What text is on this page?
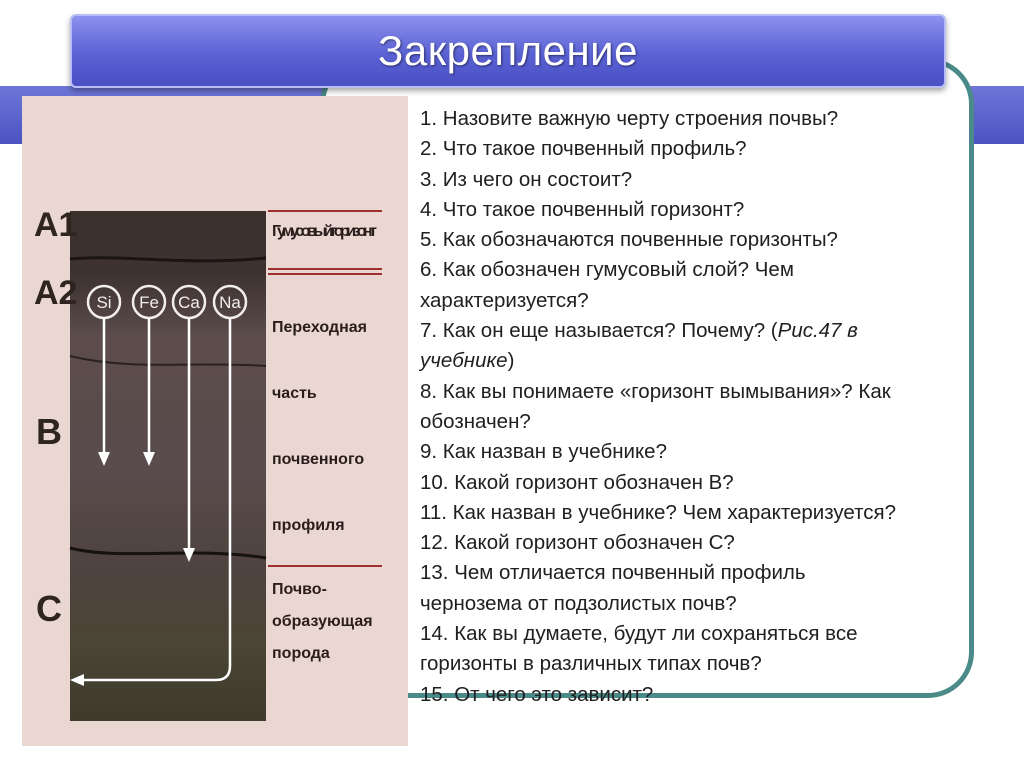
Закрепление
A1
A2
B
C
Si Fe Ca Na
Гумусовый горизонт
Переходная
часть
почвенного
профиля
Почво-
образующая
порода
1. Назовите важную черту строения почвы?
2. Что такое почвенный профиль?
3. Из чего он состоит?
4. Что такое почвенный горизонт?
5. Как обозначаются почвенные горизонты?
6. Как обозначен гумусовый слой? Чем
характеризуется?
7. Как он еще называется? Почему? (Рис.47 в
учебнике)
8. Как вы понимаете «горизонт вымывания»? Как
обозначен?
9. Как назван в учебнике?
10. Какой горизонт обозначен В?
11. Как назван в учебнике? Чем характеризуется?
12. Какой горизонт обозначен С?
13. Чем отличается почвенный профиль
чернозема от подзолистых почв?
14. Как вы думаете, будут ли сохраняться все
горизонты в различных типах почв?
15. От чего это зависит?
